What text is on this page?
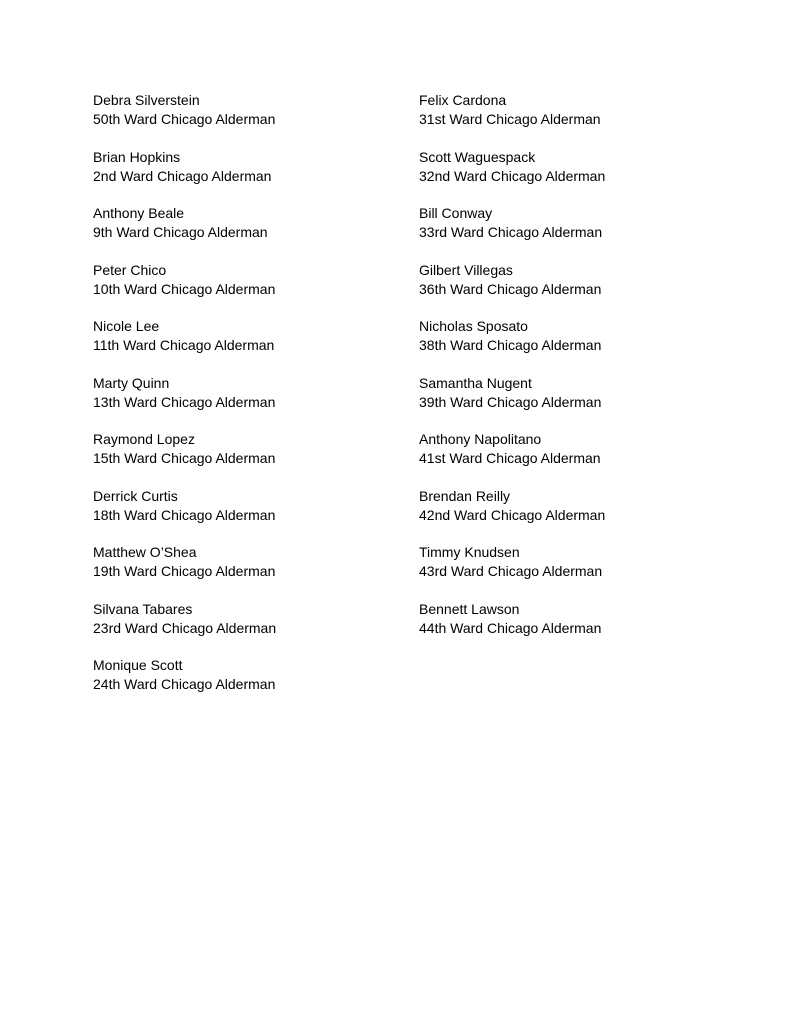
Debra Silverstein
50th Ward Chicago Alderman
Brian Hopkins
2nd Ward Chicago Alderman
Anthony Beale
9th Ward Chicago Alderman
Peter Chico
10th Ward Chicago Alderman
Nicole Lee
11th Ward Chicago Alderman
Marty Quinn
13th Ward Chicago Alderman
Raymond Lopez
15th Ward Chicago Alderman
Derrick Curtis
18th Ward Chicago Alderman
Matthew O’Shea
19th Ward Chicago Alderman
Silvana Tabares
23rd Ward Chicago Alderman
Monique Scott
24th Ward Chicago Alderman
Felix Cardona
31st Ward Chicago Alderman
Scott Waguespack
32nd Ward Chicago Alderman
Bill Conway
33rd Ward Chicago Alderman
Gilbert Villegas
36th Ward Chicago Alderman
Nicholas Sposato
38th Ward Chicago Alderman
Samantha Nugent
39th Ward Chicago Alderman
Anthony Napolitano
41st Ward Chicago Alderman
Brendan Reilly
42nd Ward Chicago Alderman
Timmy Knudsen
43rd Ward Chicago Alderman
Bennett Lawson
44th Ward Chicago Alderman
